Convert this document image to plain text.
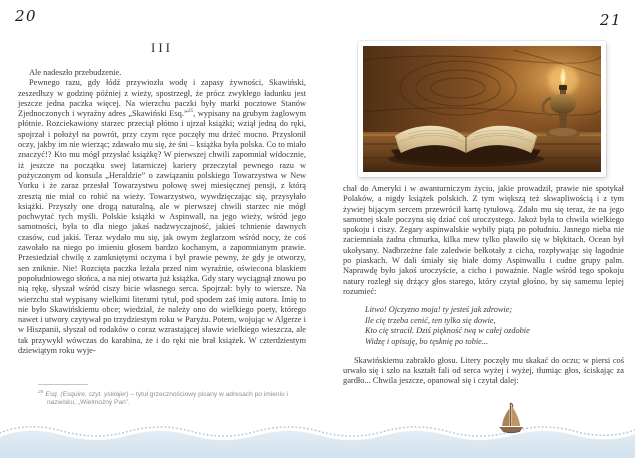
20	21
III

Ale nadeszło przebudzenie.

Pewnego razu, gdy łódź przywiozła wodę i zapasy żywności, Skawiński, zeszedłszy w godzinę później z wieży, spostrzegł, że prócz zwykłego ładunku jest jeszcze jedna paczka więcej. Na wierzchu paczki były marki pocztowe Stanów Zjednoczonych i wyraźny adres „Skawiński Esq.”$^{25}$, wypisany na grubym żaglowym płótnie. Rozciekawiony starzec przeciął płótno i ujrzał książki; wziął jedną do ręki, spojrzał i położył na powrót, przy czym ręce poczęły mu drżeć mocno. Przysłonił oczy, jakby im nie wierząc; zdawało mu się, że śni – książka była polska. Co to miało znaczyć!? Kto mu mógł przysłać książkę? W pierwszej chwili zapomniał widocznie, iż jeszcze na początku swej latarniczej kariery przeczytał pewnego razu w pożyczonym od konsula „Heraldzie” o zawiązaniu polskiego Towarzystwa w New Yorku i że zaraz przesłał Towarzystwu połowę swej miesięcznej pensji, z którą zresztą nie miał co robić na wieży. Towarzystwo, wywdzięczając się, przysyłało książki. Przyszły one drogą naturalną, ale w pierwszej chwili starzec nie mógł pochwytać tych myśli. Polskie książki w Aspinwall, na jego wieży, wśród jego samotności, była to dla niego jakaś nadzwyczajność, jakieś tchnienie dawnych czasów, cud jakiś. Teraz wydało mu się, jak owym żeglarzom wśród nocy, że coś zawołało na niego po imieniu głosem bardzo kochanym, a zapomnianym prawie. Przesiedział chwilę z zamkniętymi oczyma i był prawie pewny, że gdy je otworzy, sen zniknie. Nie! Rozcięta paczka leżała przed nim wyraźnie, oświecona blaskiem popołudniowego słońca, a na niej otwarta już książka. Gdy stary wyciągnął znowu po nią rękę, słyszał wśród ciszy bicie własnego serca. Spojrzał: były to wiersze. Na wierzchu stał wypisany wielkimi literami tytuł, pod spodem zaś imię autora. Imię to nie było Skawińskiemu obce; wiedział, że należy ono do wielkiego poety, którego nawet i utwory czytywał po trzydziestym roku w Paryżu. Potem, wojując w Algerze i w Hiszpanii, słyszał od rodaków o coraz wzrastającej sławie wielkiego wieszcza, ale tak przywykł wówczas do karabina, że i do ręki nie brał książek. W czterdziestym dziewiątym roku wyje-

$^{25}$ Esq. (Esquire, czyt. yskłajer) – tytuł grzecznościowy pisany w adresach po imieniu i nazwisku, „Wielmożny Pan”.

chał do Ameryki i w awanturniczym życiu, jakie prowadził, prawie nie spotykał Polaków, a nigdy książek polskich. Z tym większą też skwapliwością i z tym żywiej bijącym sercem przewrócił kartę tytułową. Zdało mu się teraz, że na jego samotnej skale poczyna się dziać coś uroczystego. Jakoż była to chwila wielkiego spokoju i ciszy. Zegary aspinwalskie wybiły piątą po południu. Jasnego nieba nie zaciemniała żadna chmurka, kilka mew tylko pławiło się w błękitach. Ocean był ukołysany. Nadbrzeżne fale zaledwie bełkotały z cicha, rozpływając się łagodnie po piaskach. W dali śmiały się białe domy Aspinwallu i cudne grupy palm. Naprawdę było jakoś uroczyście, a cicho i poważnie. Nagle wśród tego spokoju natury rozległ się drżący głos starego, który czytał głośno, by się samemu lepiej rozumieć:

Litwo! Ojczyzno moja! ty jesteś jak zdrowie;
Ile cię trzeba cenić, ten tylko się dowie,
Kto cię stracił. Dziś piękność twą w całej ozdobie
Widzę i opisuję, bo tęsknię po tobie...

Skawińskiemu zabrakło głosu. Litery poczęły mu skakać do oczu; w piersi coś urwało się i szło na kształt fali od serca wyżej i wyżej, tłumiąc głos, ściskając za gardło... Chwila jeszcze, opanował się i czytał dalej:
